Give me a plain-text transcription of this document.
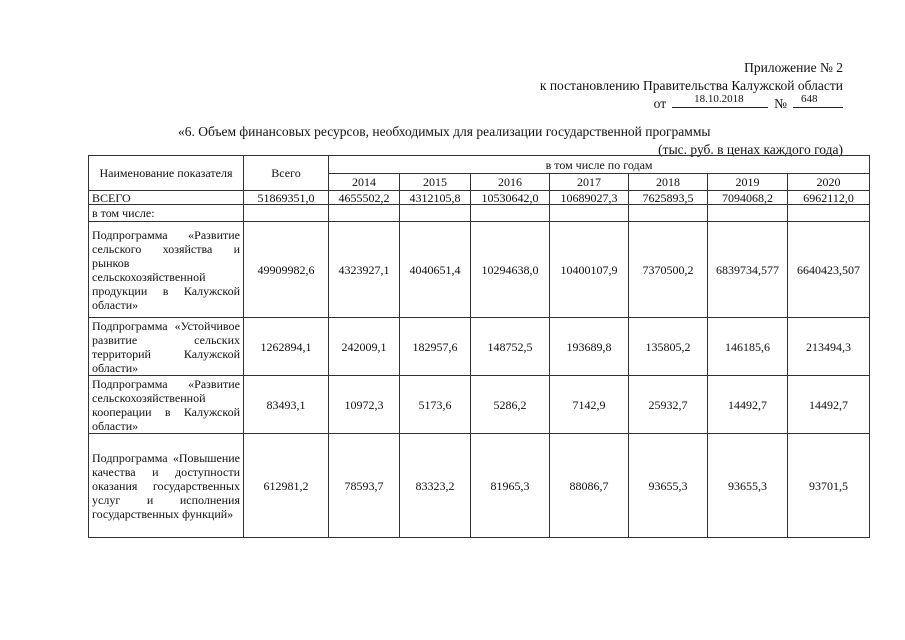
Приложение № 2
к постановлению Правительства Калужской области
от	18.10.2018 № 648
«6. Объем финансовых ресурсов, необходимых для реализации государственной программы
(тыс. руб. в ценах каждого года)
Наименование показателя	Всего	в том числе по годам						
		2014	2015	2016	2017	2018	2019	2020
ВСЕГО	51869351,0	4655502,2	4312105,8	10530642,0	10689027,3	7625893,5	7094068,2	6962112,0
в том числе:								
Подпрограмма «Развитие сельского хозяйства и рынков сельскохозяйственной продукции в Калужской области»	49909982,6	4323927,1	4040651,4	10294638,0	10400107,9	7370500,2	6839734,577	6640423,507
Подпрограмма «Устойчивое развитие сельских территорий Калужской области»	1262894,1	242009,1	182957,6	148752,5	193689,8	135805,2	146185,6	213494,3
Подпрограмма «Развитие сельскохозяйственной кооперации в Калужской области»	83493,1	10972,3	5173,6	5286,2	7142,9	25932,7	14492,7	14492,7
Подпрограмма «Повышение качества и доступности оказания государственных услуг и исполнения государственных функций»	612981,2	78593,7	83323,2	81965,3	88086,7	93655,3	93655,3	93701,5
